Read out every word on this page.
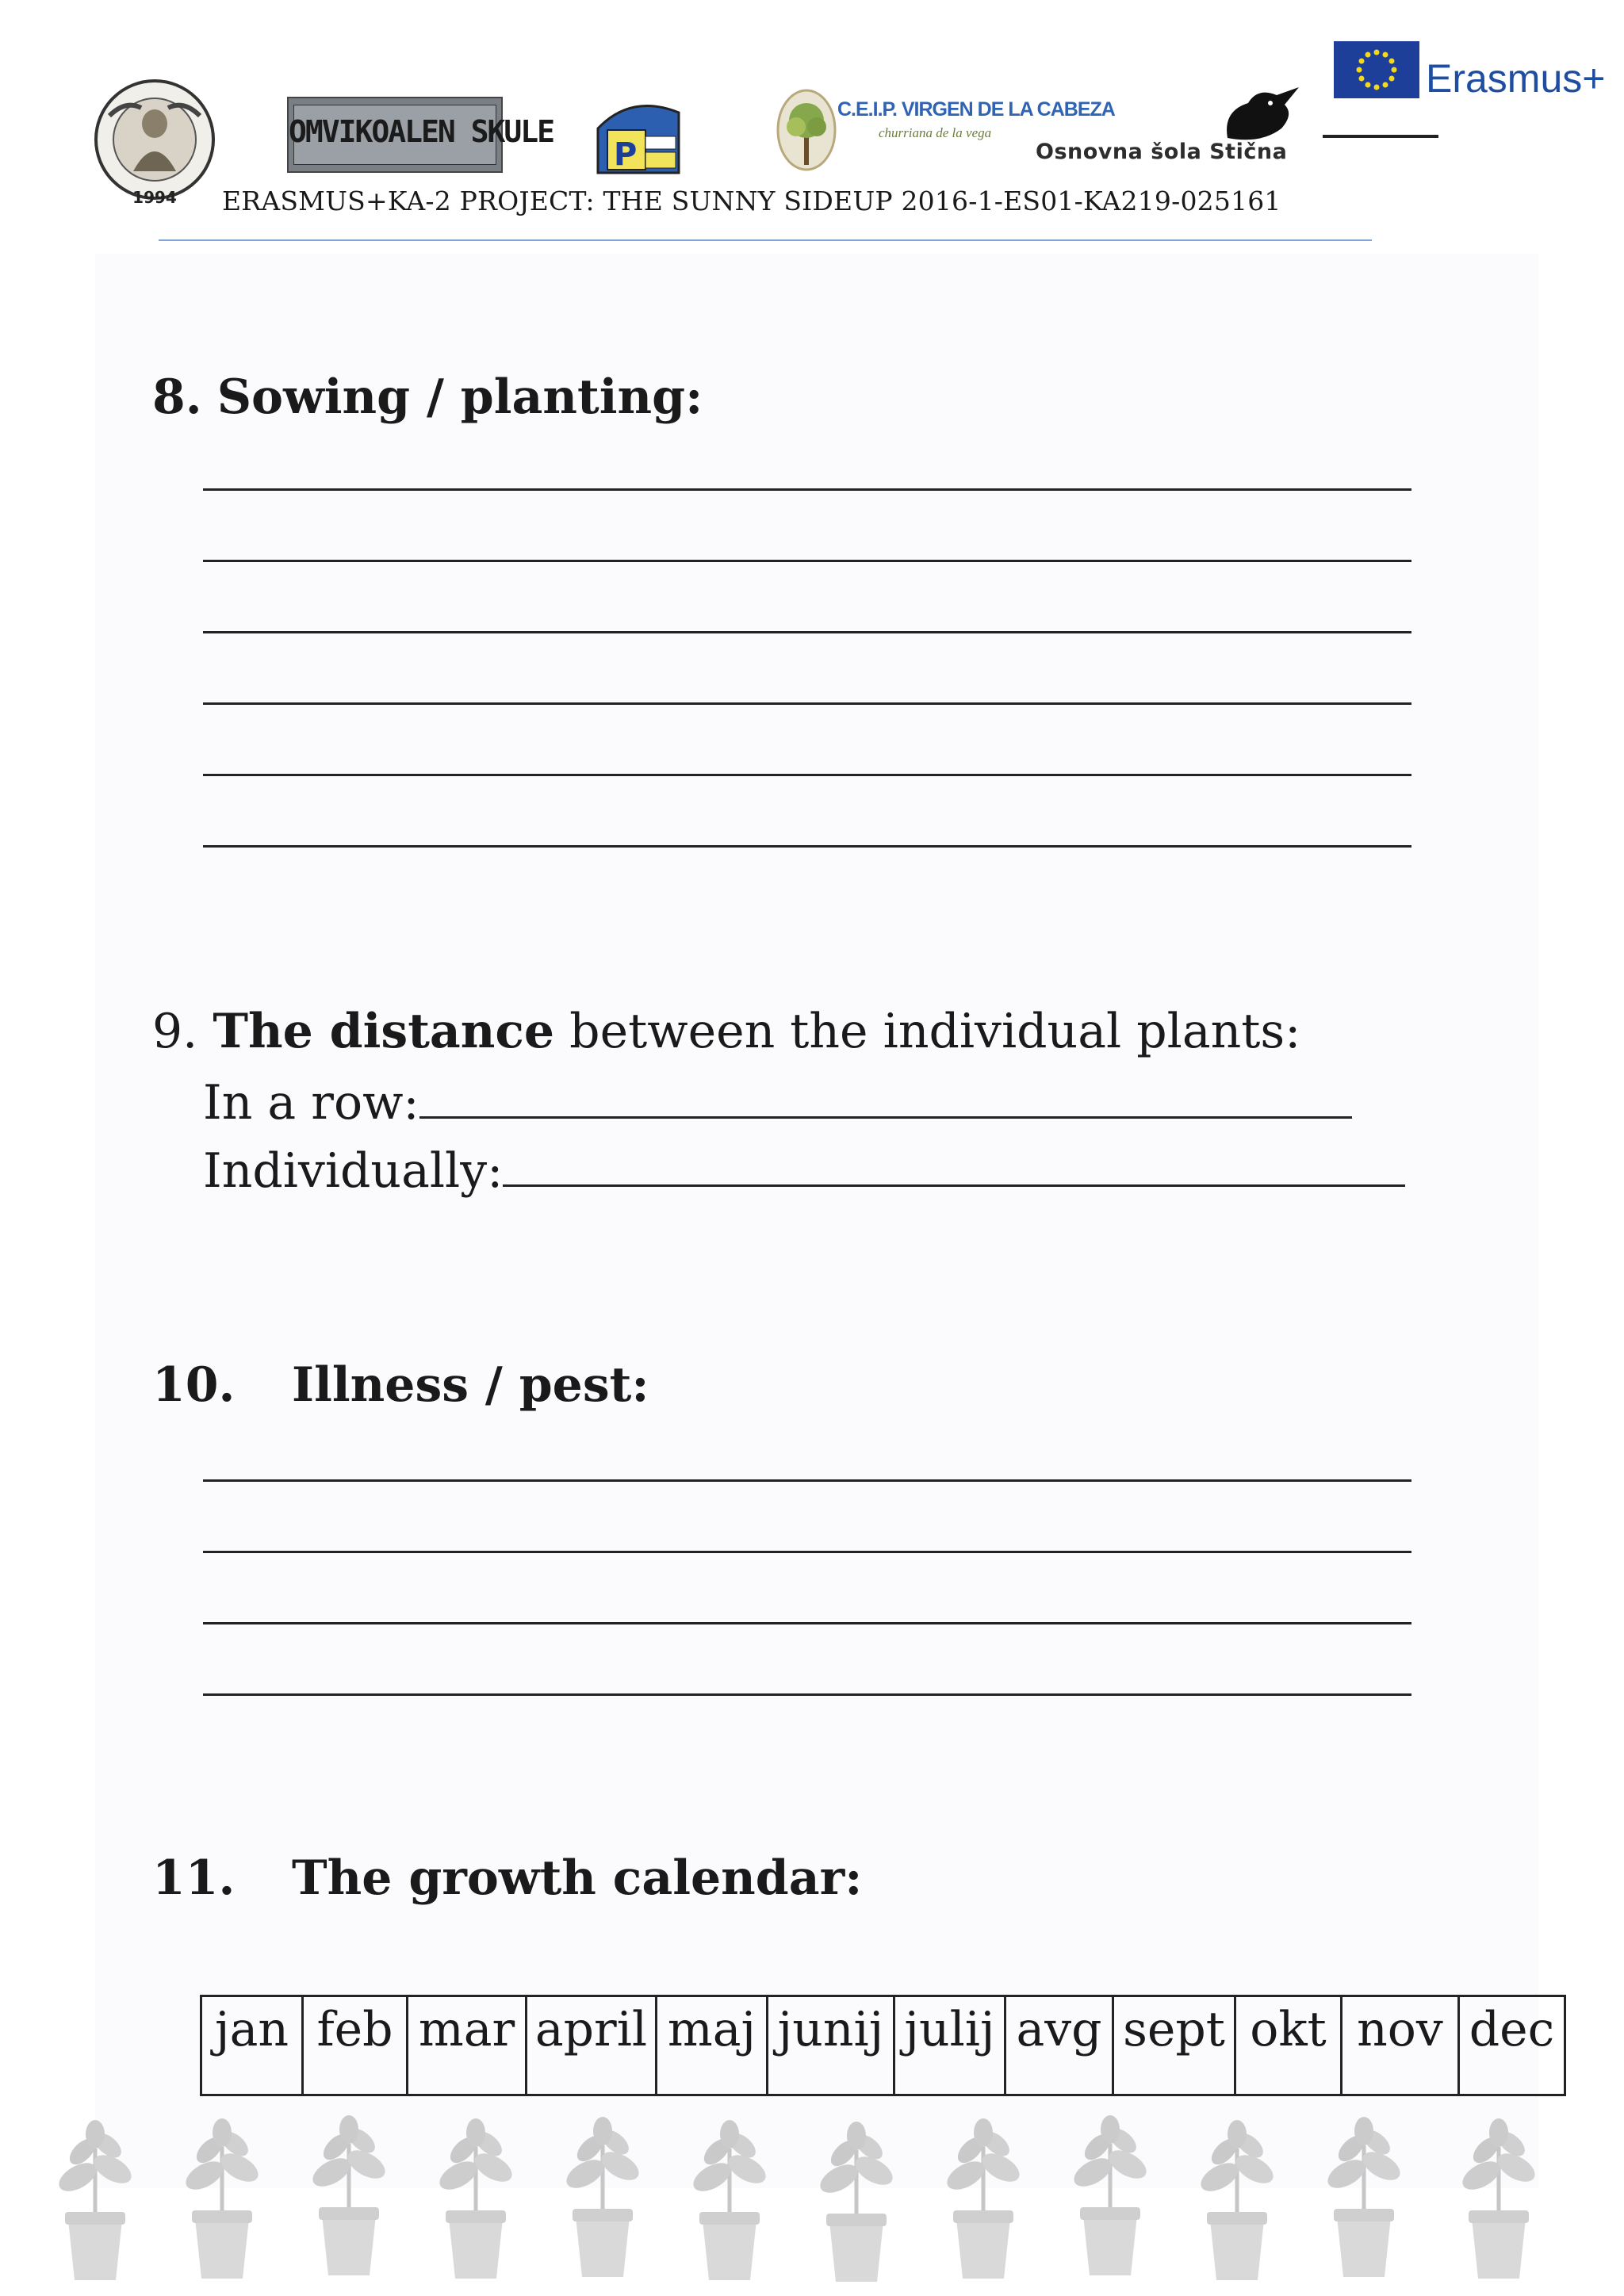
1994
OMVIKOALEN SKULE
P
C.E.I.P. VIRGEN DE LA CABEZA
churriana de la vega
Osnovna šola Stična
Erasmus+
ERASMUS+KA-2 PROJECT: THE SUNNY SIDEUP 2016-1-ES01-KA219-025161
8. Sowing / planting:
9. The distance between the individual plants:
In a row:
Individually:
10. Illness / pest:
11. The growth calendar:
jan	feb	mar	april	maj	junij	julij	avg	sept	okt	nov	dec
